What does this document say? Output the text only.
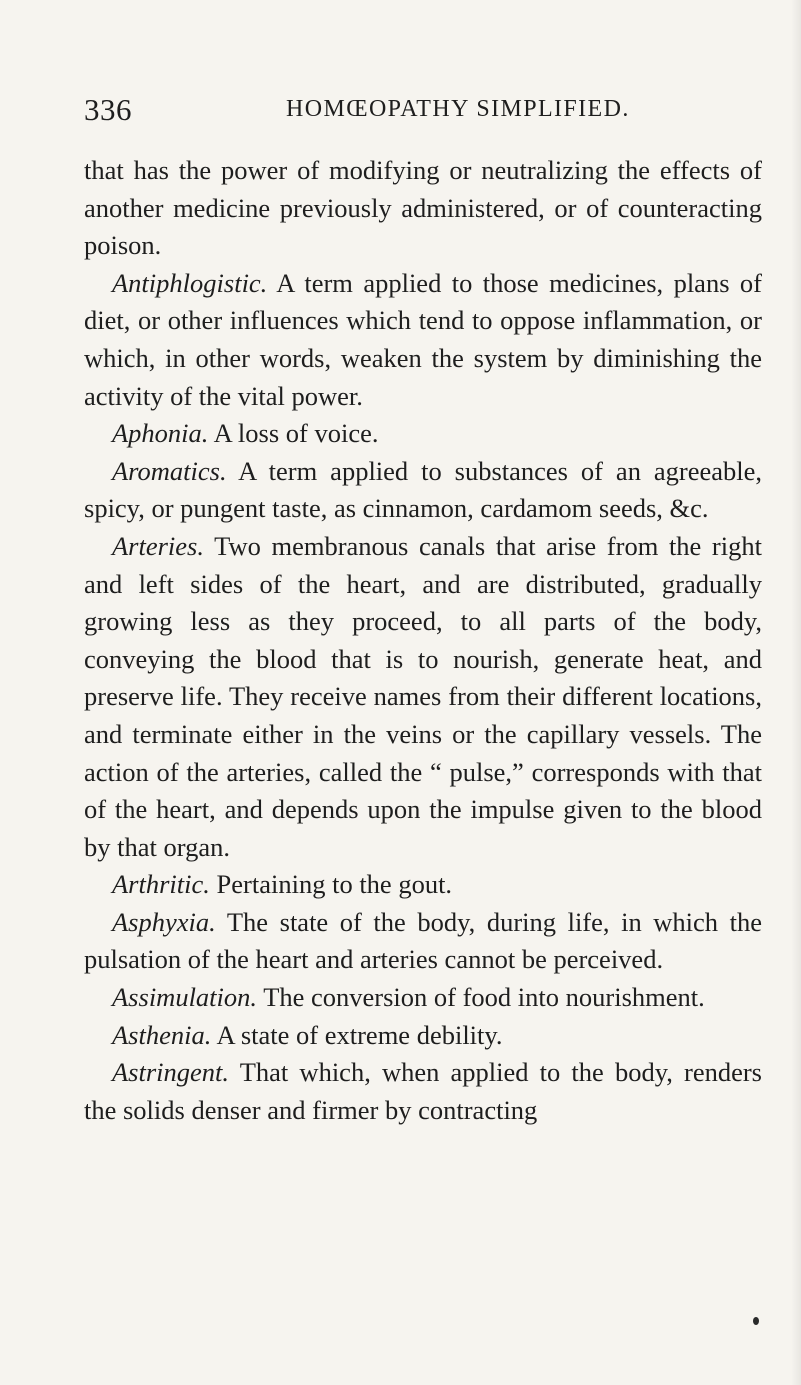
336	HOMŒOPATHY SIMPLIFIED.

that has the power of modifying or neutralizing the effects of another medicine previously administered, or of counteracting poison.

Antiphlogistic. A term applied to those medicines, plans of diet, or other influences which tend to oppose inflammation, or which, in other words, weaken the system by diminishing the activity of the vital power.

Aphonia. A loss of voice.

Aromatics. A term applied to substances of an agreeable, spicy, or pungent taste, as cinnamon, cardamom seeds, &c.

Arteries. Two membranous canals that arise from the right and left sides of the heart, and are distributed, gradually growing less as they proceed, to all parts of the body, conveying the blood that is to nourish, generate heat, and preserve life. They receive names from their different locations, and terminate either in the veins or the capillary vessels. The action of the arteries, called the “ pulse,” corresponds with that of the heart, and depends upon the impulse given to the blood by that organ.

Arthritic. Pertaining to the gout.

Asphyxia. The state of the body, during life, in which the pulsation of the heart and arteries cannot be perceived.

Assimulation. The conversion of food into nourishment.

Asthenia. A state of extreme debility.

Astringent. That which, when applied to the body, renders the solids denser and firmer by contracting
